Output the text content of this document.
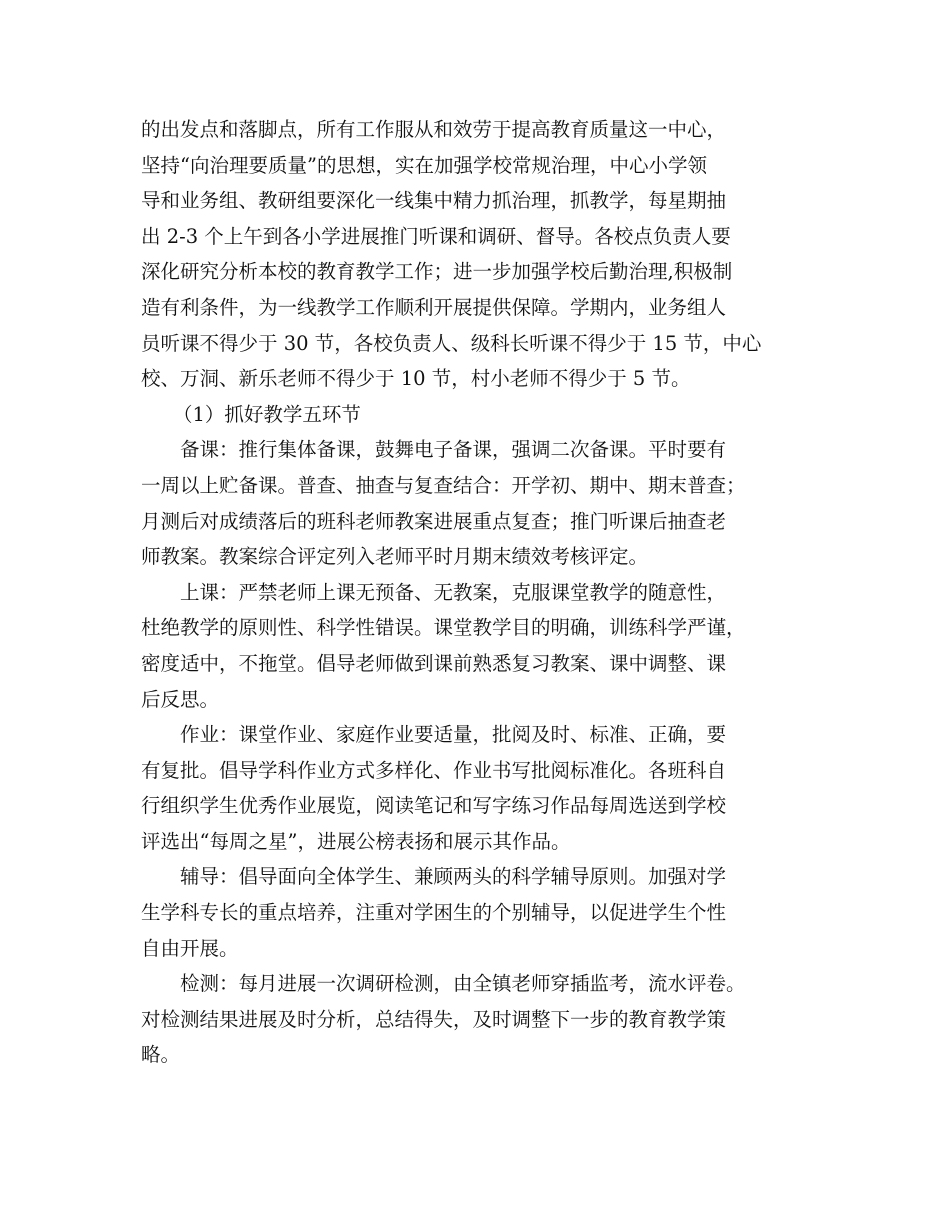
的出发点和落脚点，所有工作服从和效劳于提高教育质量这一中心，
坚持“向治理要质量”的思想，实在加强学校常规治理，中心小学领
导和业务组、教研组要深化一线集中精力抓治理，抓教学，每星期抽
出 2-3 个上午到各小学进展推门听课和调研、督导。各校点负责人要
深化研究分析本校的教育教学工作；进一步加强学校后勤治理,积极制
造有利条件，为一线教学工作顺利开展提供保障。学期内，业务组人
员听课不得少于 30 节，各校负责人、级科长听课不得少于 15 节，中心
校、万洞、新乐老师不得少于 10 节，村小老师不得少于 5 节。

（1）抓好教学五环节

备课：推行集体备课，鼓舞电子备课，强调二次备课。平时要有
一周以上贮备课。普查、抽查与复查结合：开学初、期中、期末普查；
月测后对成绩落后的班科老师教案进展重点复查；推门听课后抽查老
师教案。教案综合评定列入老师平时月期末绩效考核评定。

上课：严禁老师上课无预备、无教案，克服课堂教学的随意性，
杜绝教学的原则性、科学性错误。课堂教学目的明确，训练科学严谨，
密度适中，不拖堂。倡导老师做到课前熟悉复习教案、课中调整、课
后反思。

作业：课堂作业、家庭作业要适量，批阅及时、标准、正确，要
有复批。倡导学科作业方式多样化、作业书写批阅标准化。各班科自
行组织学生优秀作业展览，阅读笔记和写字练习作品每周选送到学校
评选出“每周之星”，进展公榜表扬和展示其作品。

辅导：倡导面向全体学生、兼顾两头的科学辅导原则。加强对学
生学科专长的重点培养，注重对学困生的个别辅导，以促进学生个性
自由开展。

检测：每月进展一次调研检测，由全镇老师穿插监考，流水评卷。
对检测结果进展及时分析，总结得失，及时调整下一步的教育教学策
略。
